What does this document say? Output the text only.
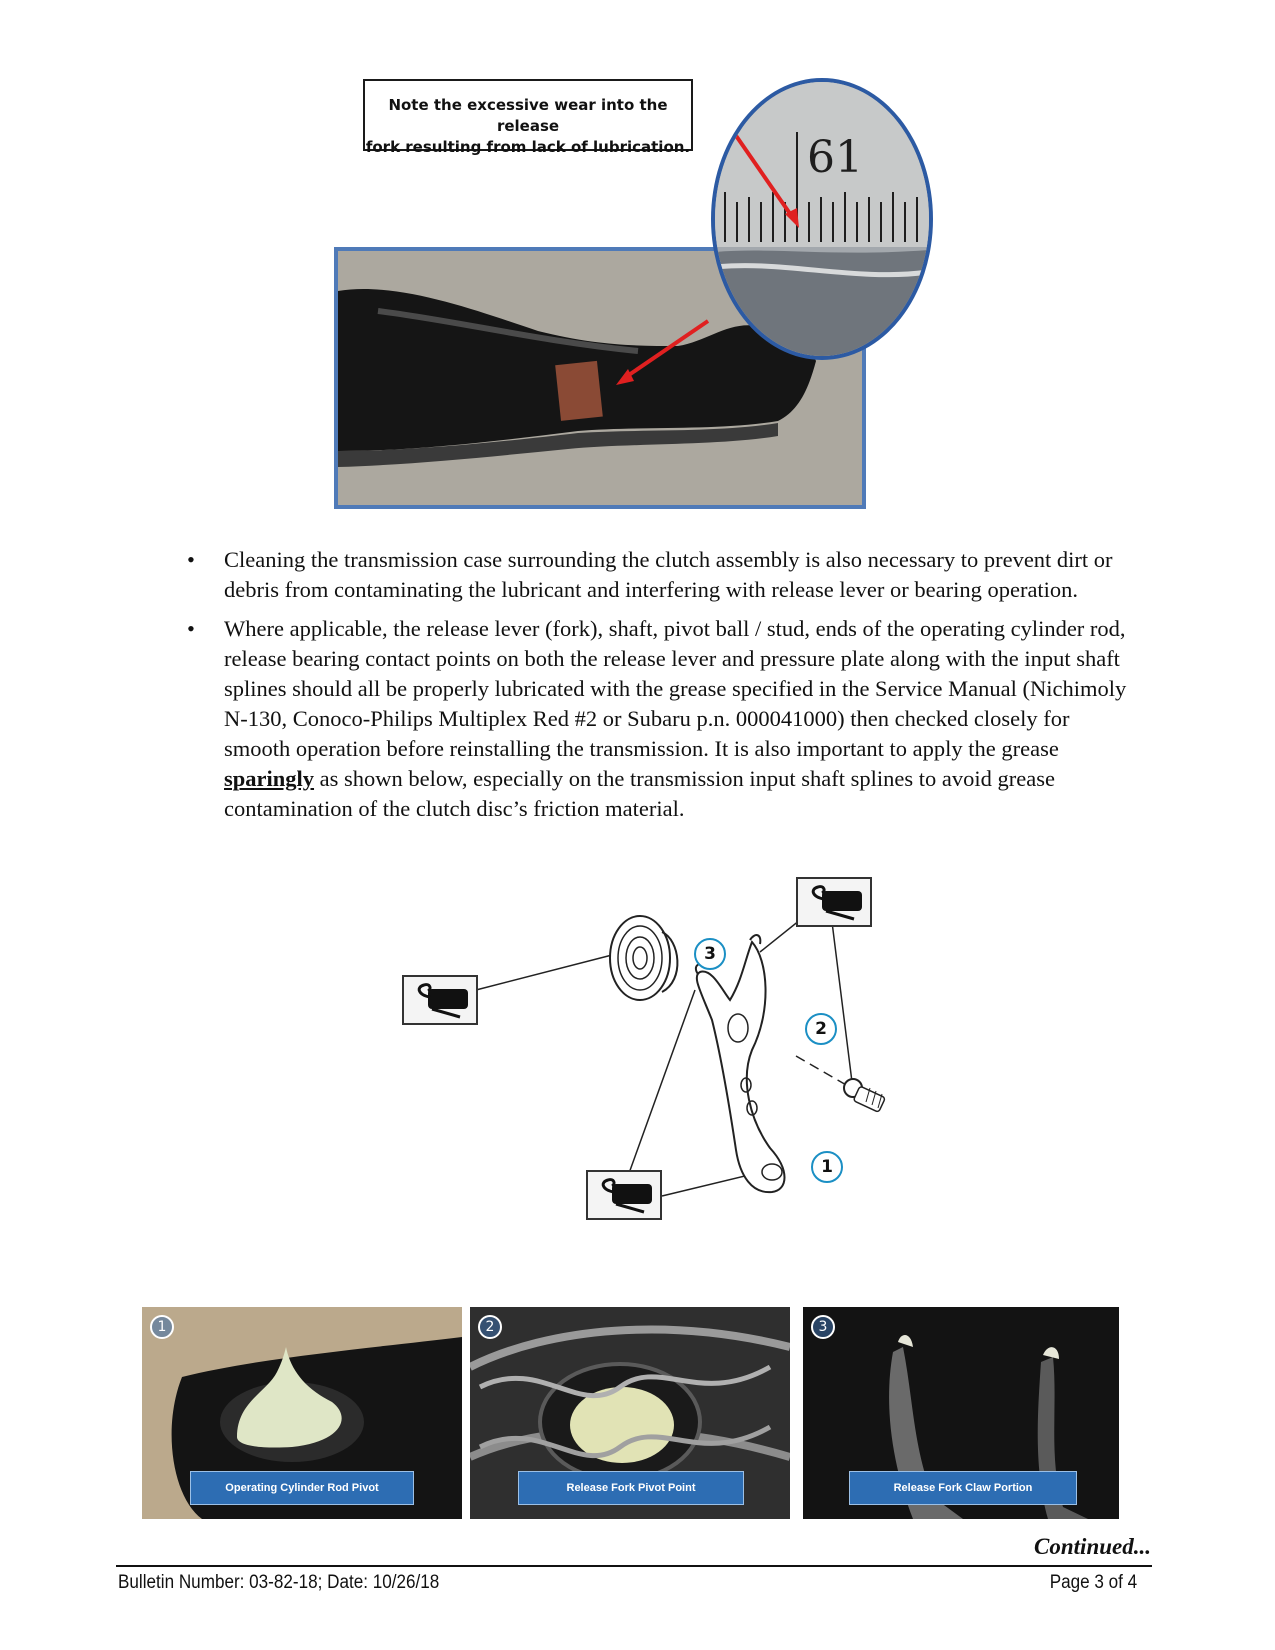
Note the excessive wear into the release
fork resulting from lack of lubrication.	61
• Cleaning the transmission case surrounding the clutch assembly is also necessary to prevent dirt or debris from contaminating the lubricant and interfering with release lever or bearing operation.
• Where applicable, the release lever (fork), shaft, pivot ball / stud, ends of the operating cylinder rod, release bearing contact points on both the release lever and pressure plate along with the input shaft splines should all be properly lubricated with the grease specified in the Service Manual (Nichimoly N-130, Conoco-Philips Multiplex Red #2 or Subaru p.n. 000041000) then checked closely for smooth operation before reinstalling the transmission. It is also important to apply the grease sparingly as shown below, especially on the transmission input shaft splines to avoid grease contamination of the clutch disc’s friction material.
3
2
1
1
Operating Cylinder Rod Pivot
2
Release Fork Pivot Point
3
Release Fork Claw Portion
Continued...
Bulletin Number: 03-82-18; Date: 10/26/18	Page 3 of 4
